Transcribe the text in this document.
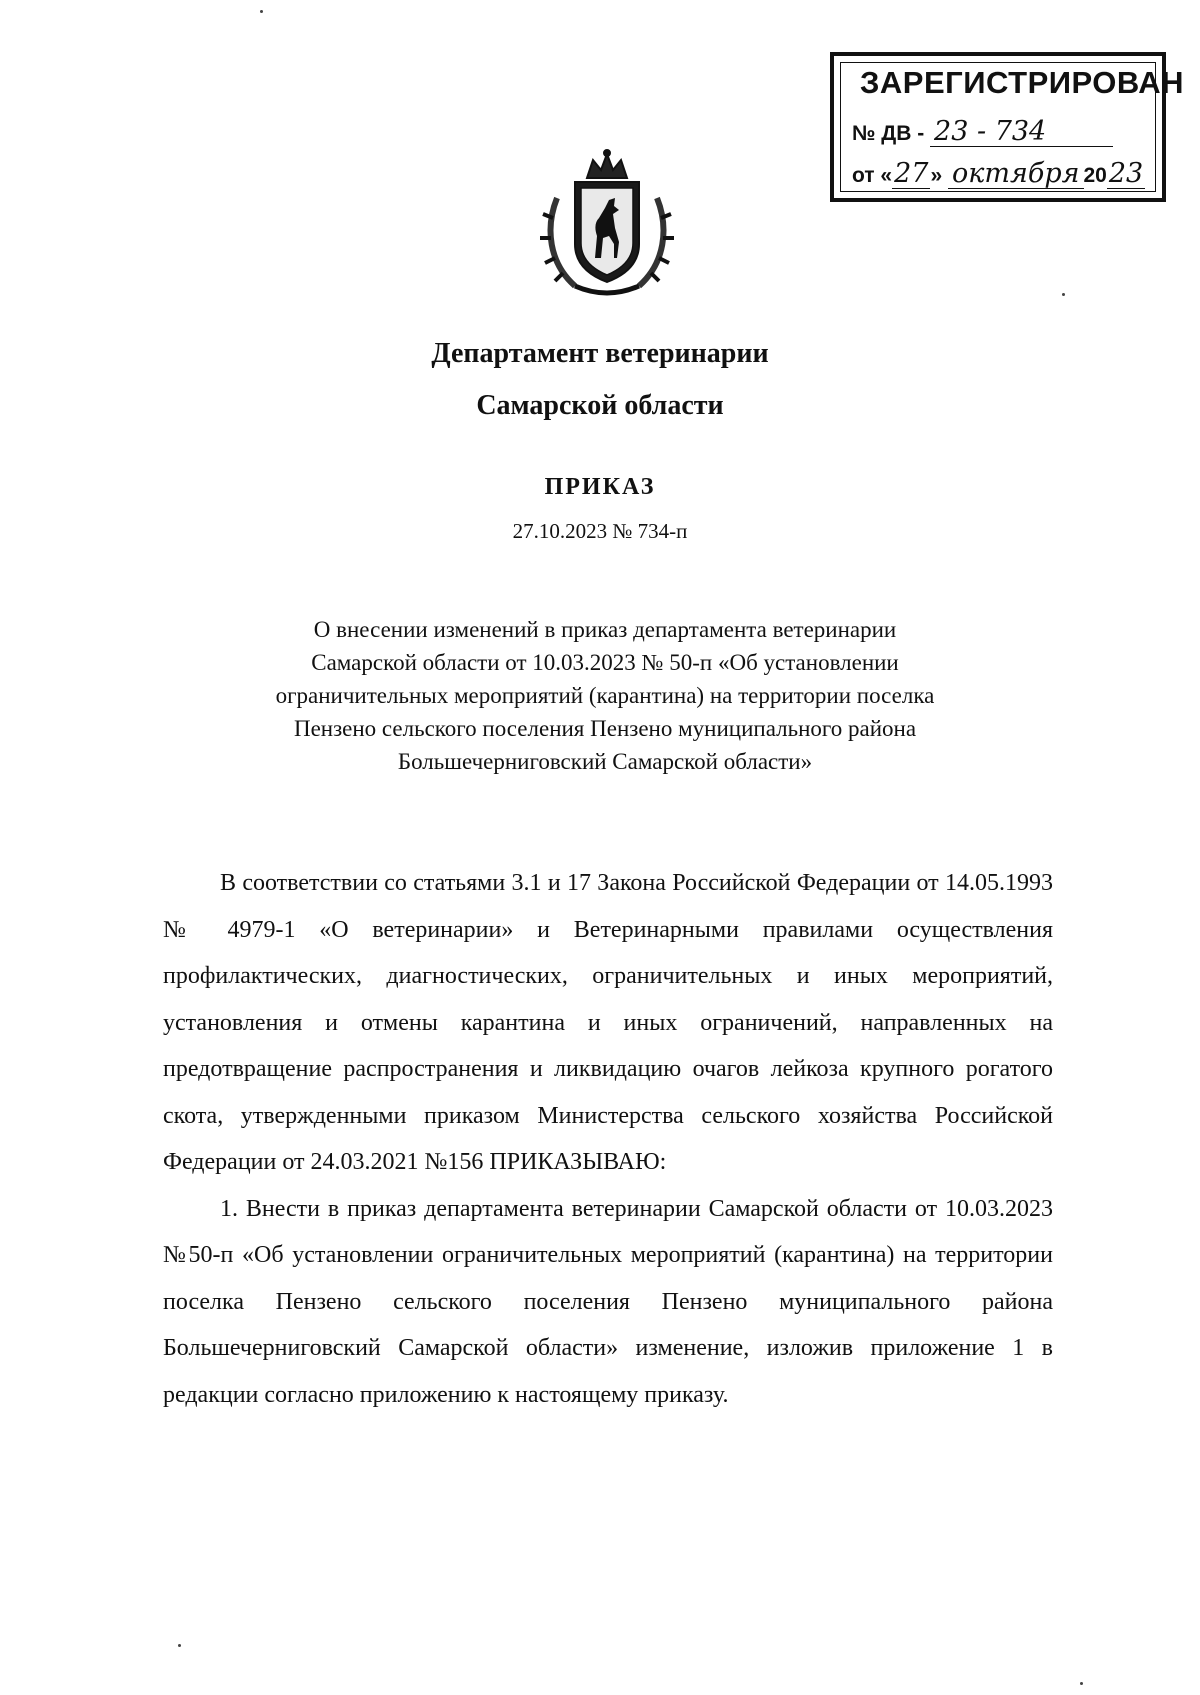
ЗАРЕГИСТРИРОВАН
№ ДВ - 23 - 734
от «27» октября 2023
Департамент ветеринарии
Самарской области
ПРИКАЗ
27.10.2023 № 734-п
О внесении изменений в приказ департамента ветеринарии
Самарской области от 10.03.2023 № 50-п «Об установлении
ограничительных мероприятий (карантина) на территории поселка
Пензено сельского поселения Пензено муниципального района
Большечерниговский Самарской области»

В соответствии со статьями 3.1 и 17 Закона Российской Федерации от 14.05.1993 № 4979-1 «О ветеринарии» и Ветеринарными правилами осуществления профилактических, диагностических, ограничительных и иных мероприятий, установления и отмены карантина и иных ограничений, направленных на предотвращение распространения и ликвидацию очагов лейкоза крупного рогатого скота, утвержденными приказом Министерства сельского хозяйства Российской Федерации от 24.03.2021 №156 ПРИКАЗЫВАЮ:

1. Внести в приказ департамента ветеринарии Самарской области от 10.03.2023 №50-п «Об установлении ограничительных мероприятий (карантина) на территории поселка Пензено сельского поселения Пензено муниципального района Большечерниговский Самарской области» изменение, изложив приложение 1 в редакции согласно приложению к настоящему приказу.
